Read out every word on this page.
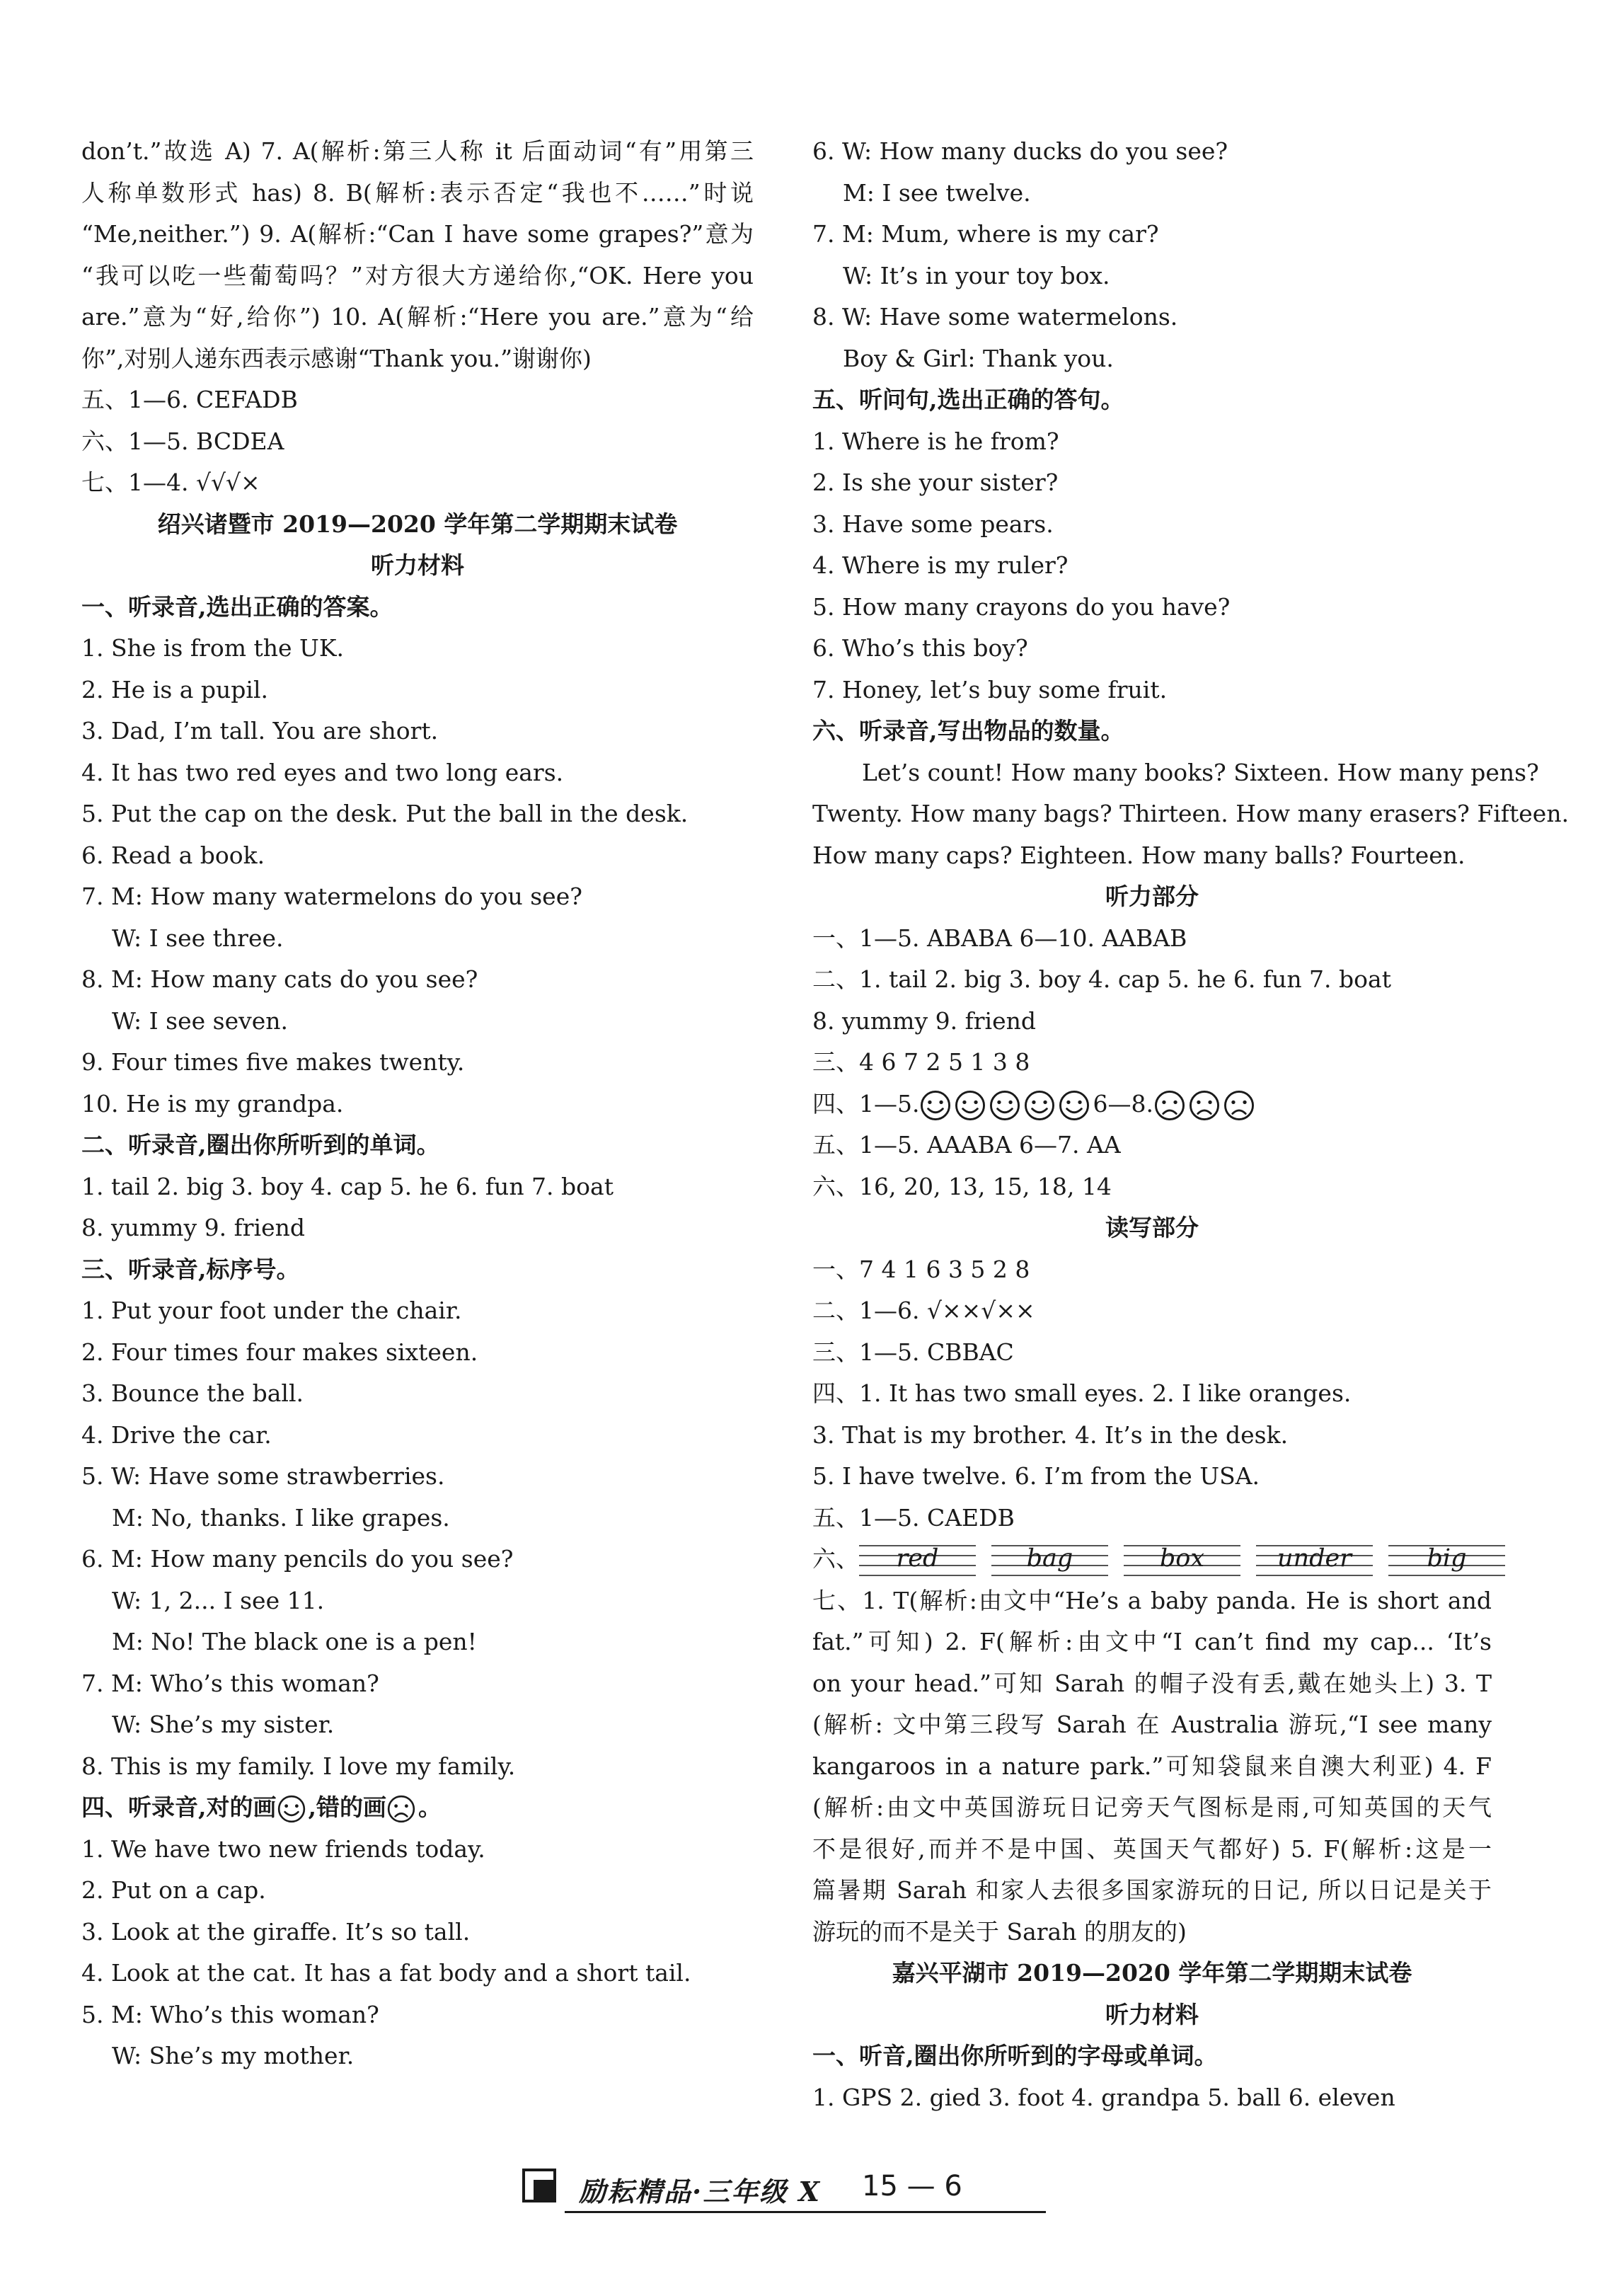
don’t.”故选 A) 7. A(解析:第三人称 it 后面动词“有”用第三
人称单数形式 has) 8. B(解析:表示否定“我也不……”时说
“Me,neither.”) 9. A(解析:“Can I have some grapes?”意为
“我可以吃一些葡萄吗？”对方很大方递给你,“OK. Here you
are.”意为“好,给你”) 10. A(解析:“Here you are.”意为“给
你”,对别人递东西表示感谢“Thank you.”谢谢你)
五、1—6. CEFADB
六、1—5. BCDEA
七、1—4. √√√×
绍兴诸暨市 2019—2020 学年第二学期期末试卷
听力材料
一、听录音,选出正确的答案。
1. She is from the UK.
2. He is a pupil.
3. Dad, I’m tall. You are short.
4. It has two red eyes and two long ears.
5. Put the cap on the desk. Put the ball in the desk.
6. Read a book.
7. M: How many watermelons do you see?
W: I see three.
8. M: How many cats do you see?
W: I see seven.
9. Four times five makes twenty.
10. He is my grandpa.
二、听录音,圈出你所听到的单词。
1. tail 2. big 3. boy 4. cap 5. he 6. fun 7. boat
8. yummy 9. friend
三、听录音,标序号。
1. Put your foot under the chair.
2. Four times four makes sixteen.
3. Bounce the ball.
4. Drive the car.
5. W: Have some strawberries.
M: No, thanks. I like grapes.
6. M: How many pencils do you see?
W: 1, 2... I see 11.
M: No! The black one is a pen!
7. M: Who’s this woman?
W: She’s my sister.
8. This is my family. I love my family.
四、听录音,对的画 ,错的画 。
1. We have two new friends today.
2. Put on a cap.
3. Look at the giraffe. It’s so tall.
4. Look at the cat. It has a fat body and a short tail.
5. M: Who’s this woman?
W: She’s my mother.
6. W: How many ducks do you see?
M: I see twelve.
7. M: Mum, where is my car?
W: It’s in your toy box.
8. W: Have some watermelons.
Boy & Girl: Thank you.
五、听问句,选出正确的答句。
1. Where is he from?
2. Is she your sister?
3. Have some pears.
4. Where is my ruler?
5. How many crayons do you have?
6. Who’s this boy?
7. Honey, let’s buy some fruit.
六、听录音,写出物品的数量。
Let’s count! How many books? Sixteen. How many pens?
Twenty. How many bags? Thirteen. How many erasers? Fifteen.
How many caps? Eighteen. How many balls? Fourteen.
听力部分
一、1—5. ABABA 6—10. AABAB
二、1. tail 2. big 3. boy 4. cap 5. he 6. fun 7. boat
8. yummy 9. friend
三、4 6 7 2 5 1 3 8
四、1—5.	6—8.
五、1—5. AAABA 6—7. AA
六、16, 20, 13, 15, 18, 14
读写部分
一、7 4 1 6 3 5 2 8
二、1—6. √××√××
三、1—5. CBBAC
四、1. It has two small eyes. 2. I like oranges.
3. That is my brother. 4. It’s in the desk.
5. I have twelve. 6. I’m from the USA.
五、1—5. CAEDB
六、	red	bag	box	under	big
七、1. T(解析:由文中“He’s a baby panda. He is short and
fat.”可知) 2. F(解析:由文中“I can’t find my cap... ‘It’s
on your head.”可知 Sarah 的帽子没有丢,戴在她头上) 3. T
(解析: 文中第三段写 Sarah 在 Australia 游玩,“I see many
kangaroos in a nature park.”可知袋鼠来自澳大利亚) 4. F
(解析:由文中英国游玩日记旁天气图标是雨,可知英国的天气
不是很好,而并不是中国、英国天气都好) 5. F(解析:这是一
篇暑期 Sarah 和家人去很多国家游玩的日记, 所以日记是关于
游玩的而不是关于 Sarah 的朋友的)
嘉兴平湖市 2019—2020 学年第二学期期末试卷
听力材料
一、听音,圈出你所听到的字母或单词。
1. GPS 2. gied 3. foot 4. grandpa 5. ball 6. eleven
励耘精品·三年级 X 15 — 6
